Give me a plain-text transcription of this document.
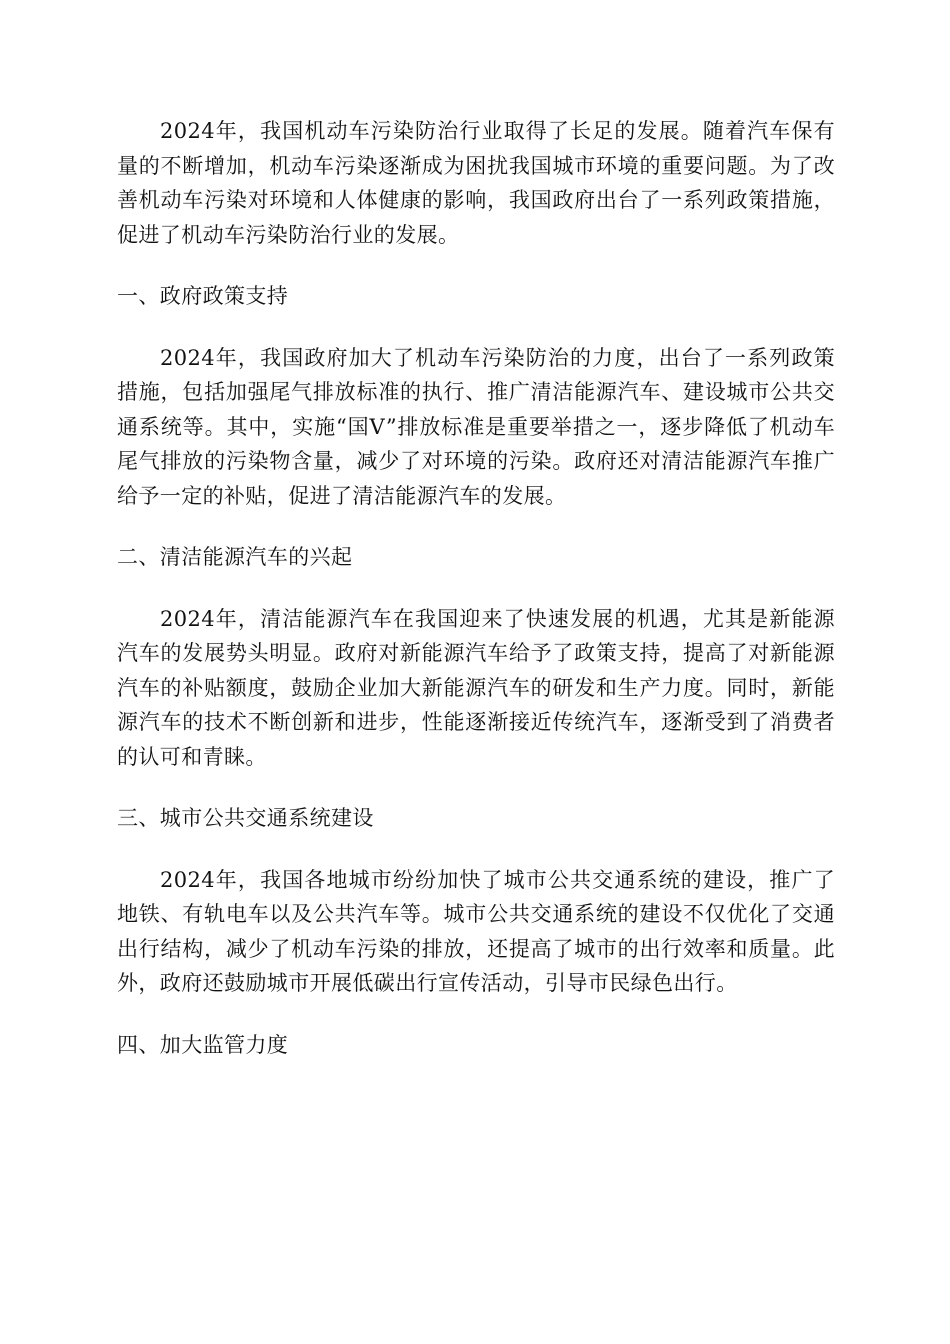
2024年，我国机动车污染防治行业取得了长足的发展。随着汽车保有量的不断增加，机动车污染逐渐成为困扰我国城市环境的重要问题。为了改善机动车污染对环境和人体健康的影响，我国政府出台了一系列政策措施，促进了机动车污染防治行业的发展。

一、政府政策支持

2024年，我国政府加大了机动车污染防治的力度，出台了一系列政策措施，包括加强尾气排放标准的执行、推广清洁能源汽车、建设城市公共交通系统等。其中，实施“国V”排放标准是重要举措之一，逐步降低了机动车尾气排放的污染物含量，减少了对环境的污染。政府还对清洁能源汽车推广给予一定的补贴，促进了清洁能源汽车的发展。

二、清洁能源汽车的兴起

2024年，清洁能源汽车在我国迎来了快速发展的机遇，尤其是新能源汽车的发展势头明显。政府对新能源汽车给予了政策支持，提高了对新能源汽车的补贴额度，鼓励企业加大新能源汽车的研发和生产力度。同时，新能源汽车的技术不断创新和进步，性能逐渐接近传统汽车，逐渐受到了消费者的认可和青睐。

三、城市公共交通系统建设

2024年，我国各地城市纷纷加快了城市公共交通系统的建设，推广了地铁、有轨电车以及公共汽车等。城市公共交通系统的建设不仅优化了交通出行结构，减少了机动车污染的排放，还提高了城市的出行效率和质量。此外，政府还鼓励城市开展低碳出行宣传活动，引导市民绿色出行。

四、加大监管力度
